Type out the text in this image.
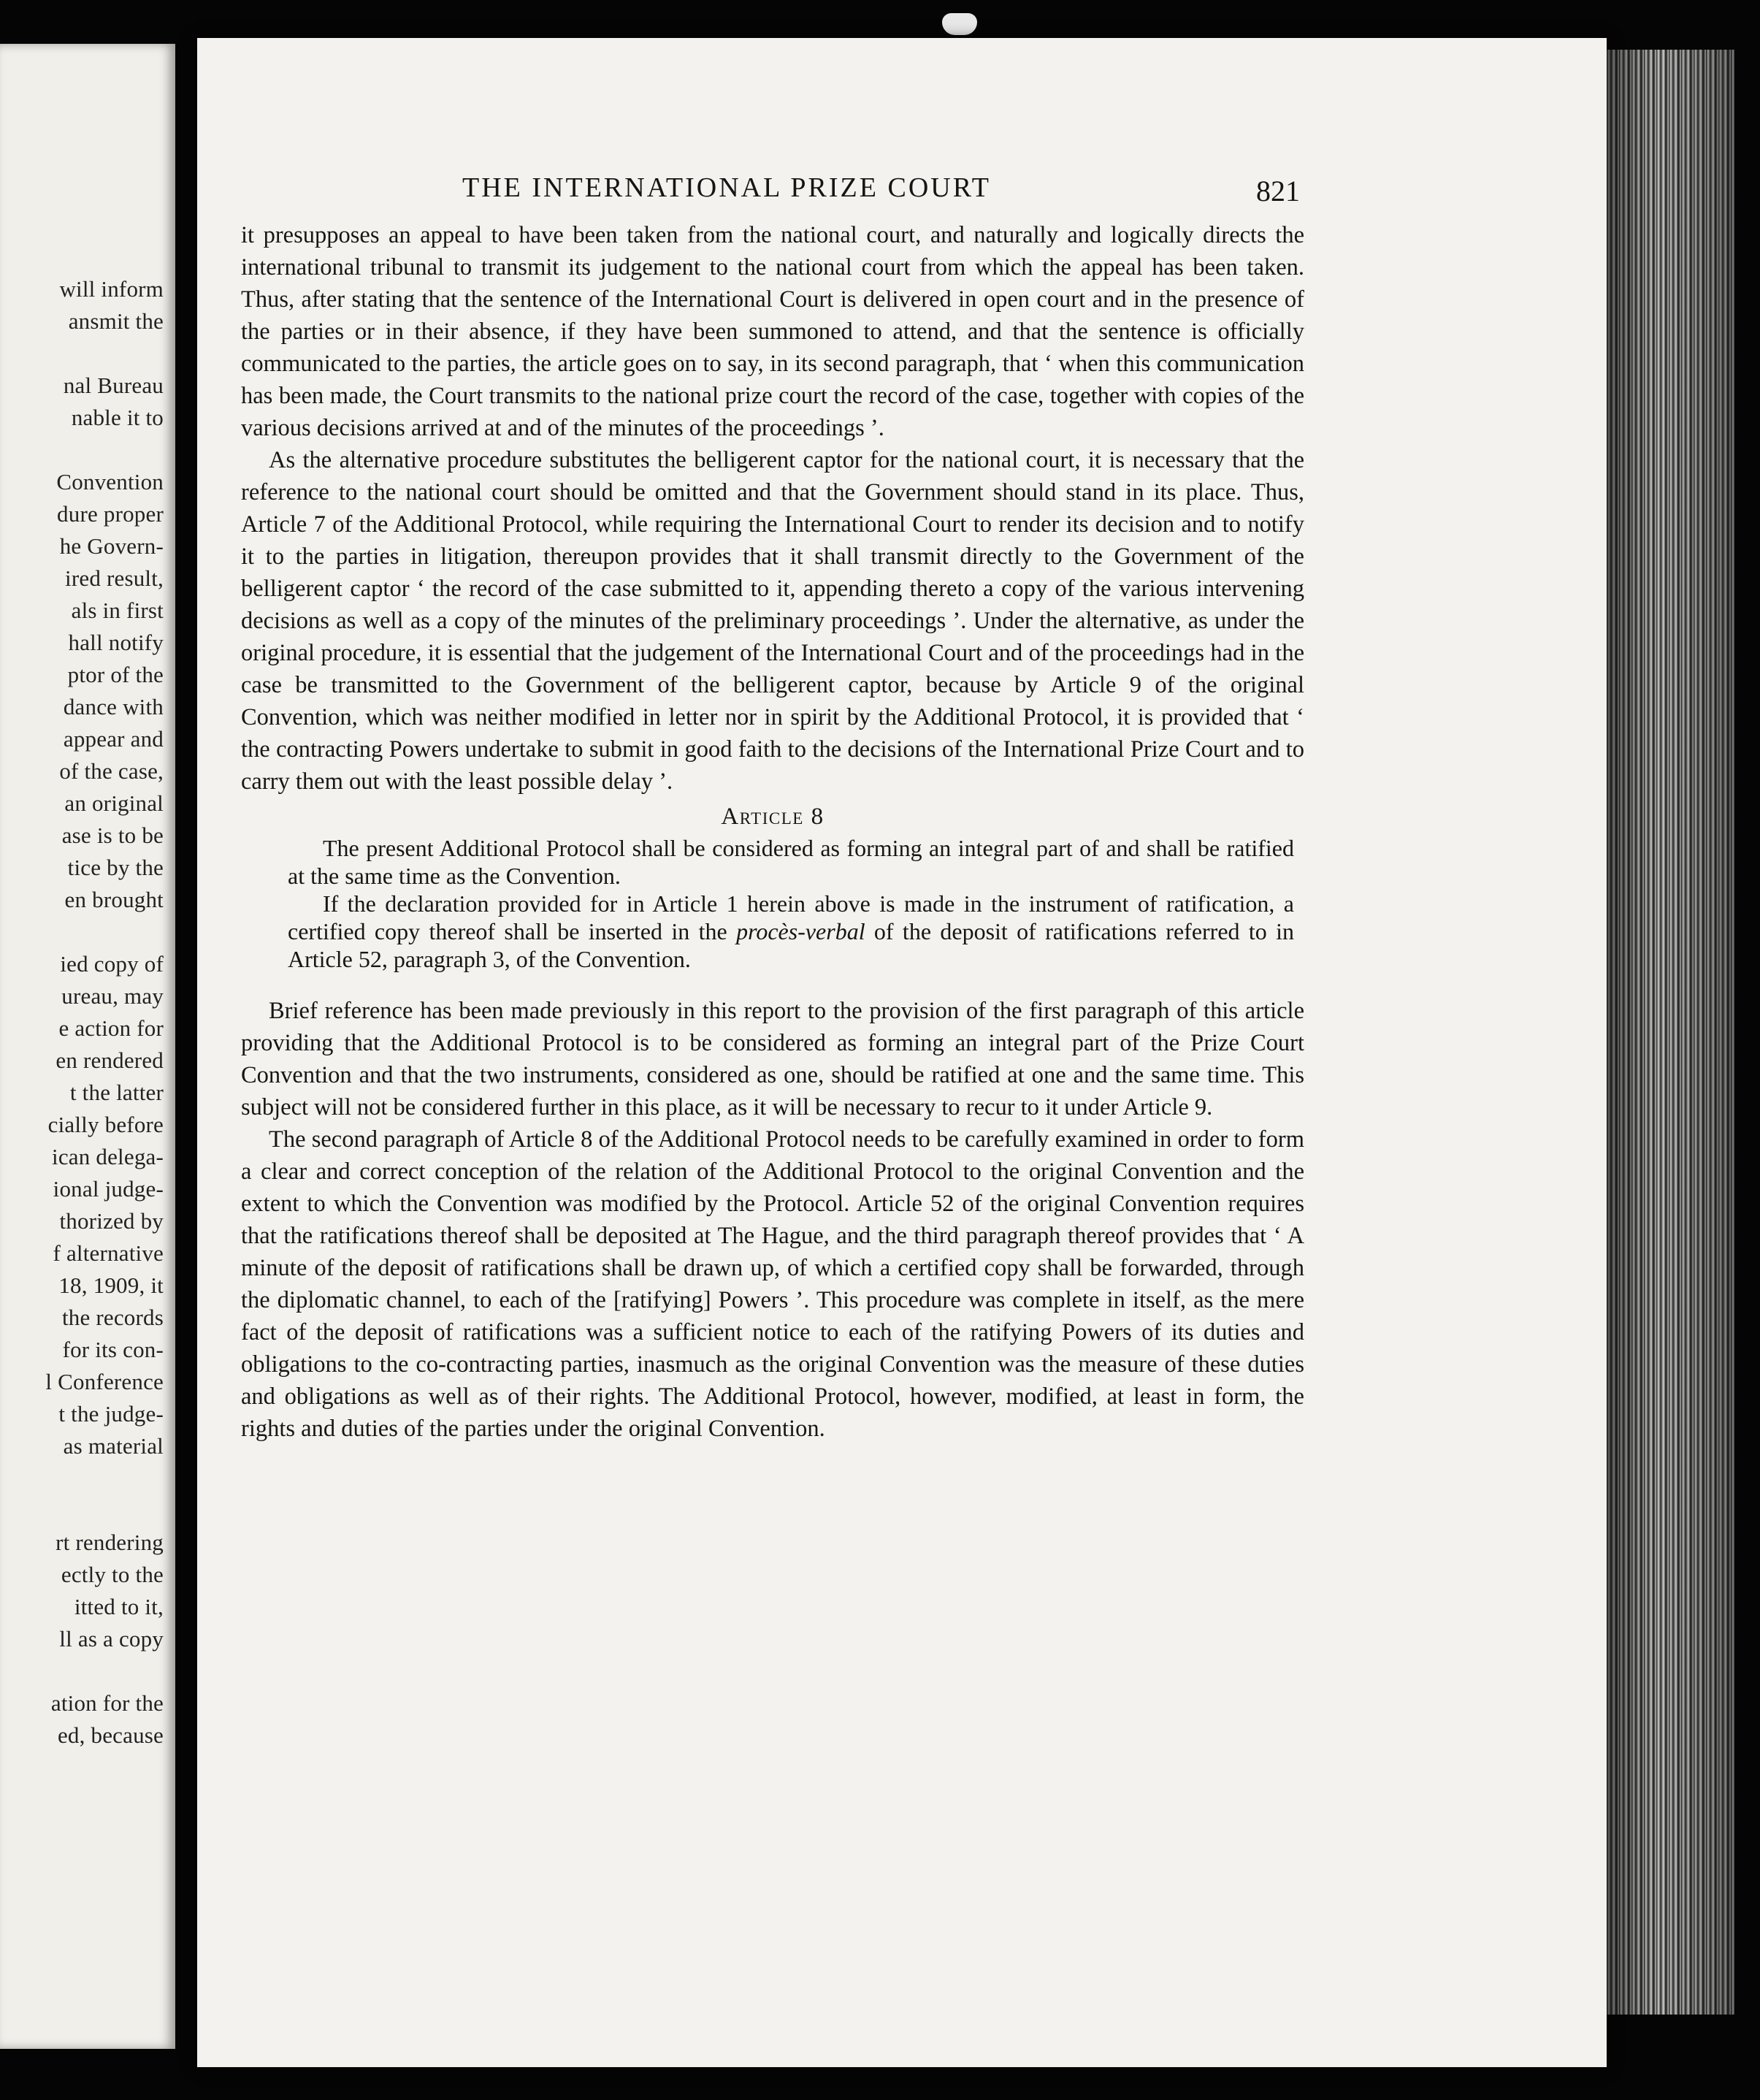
will inform
ansmit the
nal Bureau
nable it to
Convention
dure proper
he Govern-
ired result,
als in first
hall notify
ptor of the
dance with
appear and
of the case,
an original
ase is to be
tice by the
en brought
ied copy of
ureau, may
e action for
en rendered
t the latter
cially before
ican delega-
ional judge-
thorized by
f alternative
18, 1909, it
the records
for its con-
l Conference
t the judge-
as material
rt rendering
ectly to the
itted to it,
ll as a copy
ation for the
ed, because
THE INTERNATIONAL PRIZE COURT	821

it presupposes an appeal to have been taken from the national court, and naturally and logically directs the international tribunal to transmit its judgement to the national court from which the appeal has been taken. Thus, after stating that the sentence of the International Court is delivered in open court and in the presence of the parties or in their absence, if they have been summoned to attend, and that the sentence is officially communicated to the parties, the article goes on to say, in its second paragraph, that ‘ when this communication has been made, the Court transmits to the national prize court the record of the case, together with copies of the various decisions arrived at and of the minutes of the proceedings ’.

As the alternative procedure substitutes the belligerent captor for the national court, it is necessary that the reference to the national court should be omitted and that the Government should stand in its place. Thus, Article 7 of the Additional Protocol, while requiring the International Court to render its decision and to notify it to the parties in litigation, thereupon provides that it shall transmit directly to the Government of the belligerent captor ‘ the record of the case submitted to it, appending thereto a copy of the various intervening decisions as well as a copy of the minutes of the preliminary proceedings ’. Under the alternative, as under the original procedure, it is essential that the judgement of the International Court and of the proceedings had in the case be transmitted to the Government of the belligerent captor, because by Article 9 of the original Convention, which was neither modified in letter nor in spirit by the Additional Protocol, it is provided that ‘ the contracting Powers undertake to submit in good faith to the decisions of the International Prize Court and to carry them out with the least possible delay ’.

Article 8

The present Additional Protocol shall be considered as forming an integral part of and shall be ratified at the same time as the Convention.

If the declaration provided for in Article 1 herein above is made in the instrument of ratification, a certified copy thereof shall be inserted in the procès-verbal of the deposit of ratifications referred to in Article 52, paragraph 3, of the Convention.

Brief reference has been made previously in this report to the provision of the first paragraph of this article providing that the Additional Protocol is to be considered as forming an integral part of the Prize Court Convention and that the two instruments, considered as one, should be ratified at one and the same time. This subject will not be considered further in this place, as it will be necessary to recur to it under Article 9.

The second paragraph of Article 8 of the Additional Protocol needs to be carefully examined in order to form a clear and correct conception of the relation of the Additional Protocol to the original Convention and the extent to which the Convention was modified by the Protocol. Article 52 of the original Convention requires that the ratifications thereof shall be deposited at The Hague, and the third paragraph thereof provides that ‘ A minute of the deposit of ratifications shall be drawn up, of which a certified copy shall be forwarded, through the diplomatic channel, to each of the [ratifying] Powers ’. This procedure was complete in itself, as the mere fact of the deposit of ratifications was a sufficient notice to each of the ratifying Powers of its duties and obligations to the co-contracting parties, inasmuch as the original Convention was the measure of these duties and obligations as well as of their rights. The Additional Protocol, however, modified, at least in form, the rights and duties of the parties under the original Convention.
